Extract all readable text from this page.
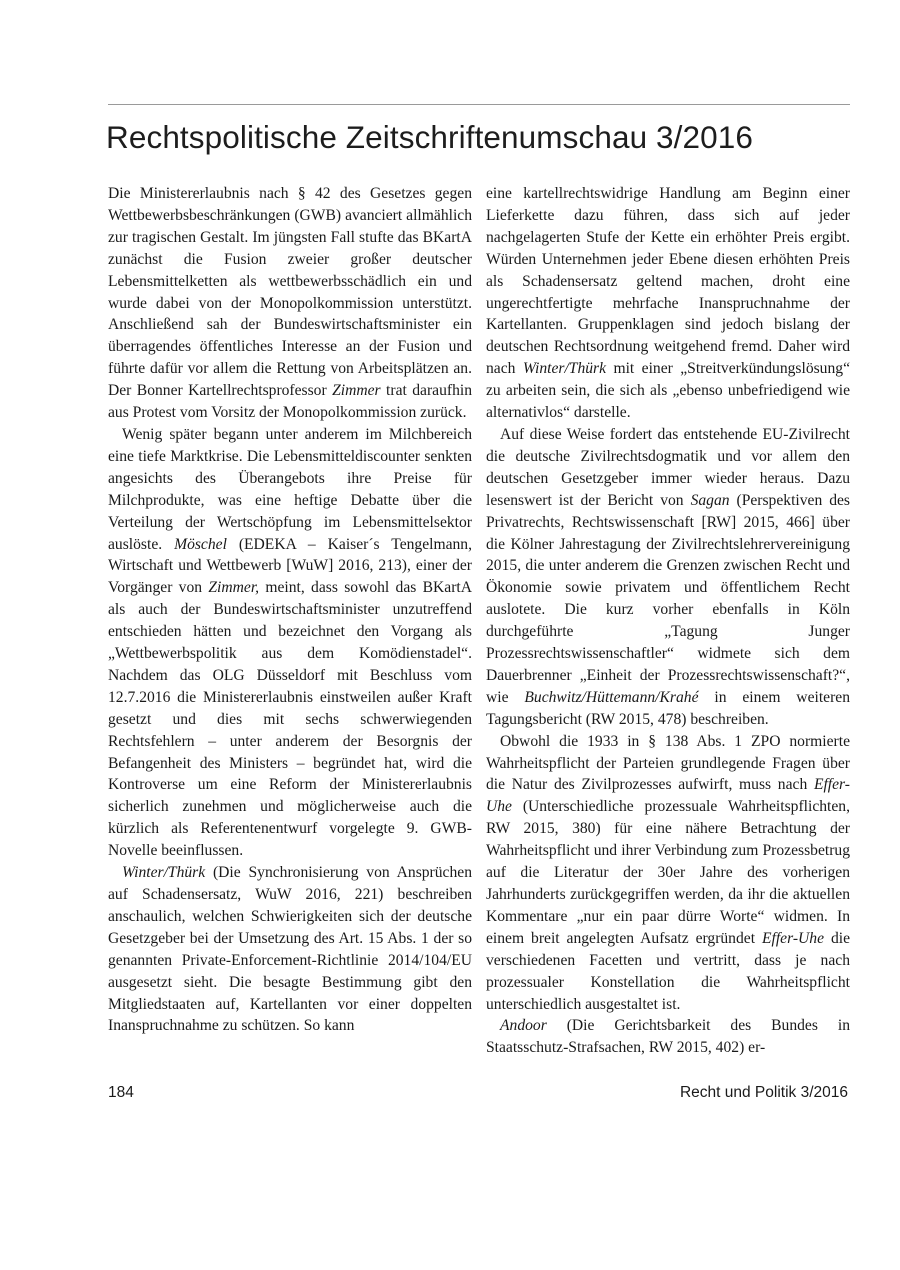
Rechtspolitische Zeitschriftenumschau 3/2016

Die Ministererlaubnis nach § 42 des Gesetzes gegen Wettbewerbsbeschränkungen (GWB) avanciert allmählich zur tragischen Gestalt. Im jüngsten Fall stufte das BKartA zunächst die Fusion zweier großer deutscher Lebensmittelketten als wettbewerbsschädlich ein und wurde dabei von der Monopolkommission unterstützt. Anschließend sah der Bundeswirtschaftsminister ein überragendes öffentliches Interesse an der Fusion und führte dafür vor allem die Rettung von Arbeitsplätzen an. Der Bonner Kartellrechtsprofessor Zimmer trat daraufhin aus Protest vom Vorsitz der Monopolkommission zurück.

Wenig später begann unter anderem im Milchbereich eine tiefe Marktkrise. Die Lebensmitteldiscounter senkten angesichts des Überangebots ihre Preise für Milchprodukte, was eine heftige Debatte über die Verteilung der Wertschöpfung im Lebensmittelsektor auslöste. Möschel (EDEKA – Kaiser´s Tengelmann, Wirtschaft und Wettbewerb [WuW] 2016, 213), einer der Vorgänger von Zimmer, meint, dass sowohl das BKartA als auch der Bundeswirtschaftsminister unzutreffend entschieden hätten und bezeichnet den Vorgang als „Wettbewerbspolitik aus dem Komödienstadel“. Nachdem das OLG Düsseldorf mit Beschluss vom 12.7.2016 die Ministererlaubnis einstweilen außer Kraft gesetzt und dies mit sechs schwerwiegenden Rechtsfehlern – unter anderem der Besorgnis der Befangenheit des Ministers – begründet hat, wird die Kontroverse um eine Reform der Ministererlaubnis sicherlich zunehmen und möglicherweise auch die kürzlich als Referentenentwurf vorgelegte 9. GWB-Novelle beeinflussen.

Winter/Thürk (Die Synchronisierung von Ansprüchen auf Schadensersatz, WuW 2016, 221) beschreiben anschaulich, welchen Schwierigkeiten sich der deutsche Gesetzgeber bei der Umsetzung des Art. 15 Abs. 1 der so genannten Private-Enforcement-Richtlinie 2014/104/EU ausgesetzt sieht. Die besagte Bestimmung gibt den Mitgliedstaaten auf, Kartellanten vor einer doppelten Inanspruchnahme zu schützen. So kann

eine kartellrechtswidrige Handlung am Beginn einer Lieferkette dazu führen, dass sich auf jeder nachgelagerten Stufe der Kette ein erhöhter Preis ergibt. Würden Unternehmen jeder Ebene diesen erhöhten Preis als Schadensersatz geltend machen, droht eine ungerechtfertigte mehrfache Inanspruchnahme der Kartellanten. Gruppenklagen sind jedoch bislang der deutschen Rechtsordnung weitgehend fremd. Daher wird nach Winter/Thürk mit einer „Streitverkündungslösung“ zu arbeiten sein, die sich als „ebenso unbefriedigend wie alternativlos“ darstelle.

Auf diese Weise fordert das entstehende EU-Zivilrecht die deutsche Zivilrechtsdogmatik und vor allem den deutschen Gesetzgeber immer wieder heraus. Dazu lesenswert ist der Bericht von Sagan (Perspektiven des Privatrechts, Rechtswissenschaft [RW] 2015, 466] über die Kölner Jahrestagung der Zivilrechtslehrervereinigung 2015, die unter anderem die Grenzen zwischen Recht und Ökonomie sowie privatem und öffentlichem Recht auslotete. Die kurz vorher ebenfalls in Köln durchgeführte „Tagung Junger Prozessrechtswissenschaftler“ widmete sich dem Dauerbrenner „Einheit der Prozessrechtswissenschaft?“, wie Buchwitz/Hüttemann/Krahé in einem weiteren Tagungsbericht (RW 2015, 478) beschreiben.

Obwohl die 1933 in § 138 Abs. 1 ZPO normierte Wahrheitspflicht der Parteien grundlegende Fragen über die Natur des Zivilprozesses aufwirft, muss nach Effer-Uhe (Unterschiedliche prozessuale Wahrheitspflichten, RW 2015, 380) für eine nähere Betrachtung der Wahrheitspflicht und ihrer Verbindung zum Prozessbetrug auf die Literatur der 30er Jahre des vorherigen Jahrhunderts zurückgegriffen werden, da ihr die aktuellen Kommentare „nur ein paar dürre Worte“ widmen. In einem breit angelegten Aufsatz ergründet Effer-Uhe die verschiedenen Facetten und vertritt, dass je nach prozessualer Konstellation die Wahrheitspflicht unterschiedlich ausgestaltet ist.

Andoor (Die Gerichtsbarkeit des Bundes in Staatsschutz-Strafsachen, RW 2015, 402) er-

184	Recht und Politik 3/2016
